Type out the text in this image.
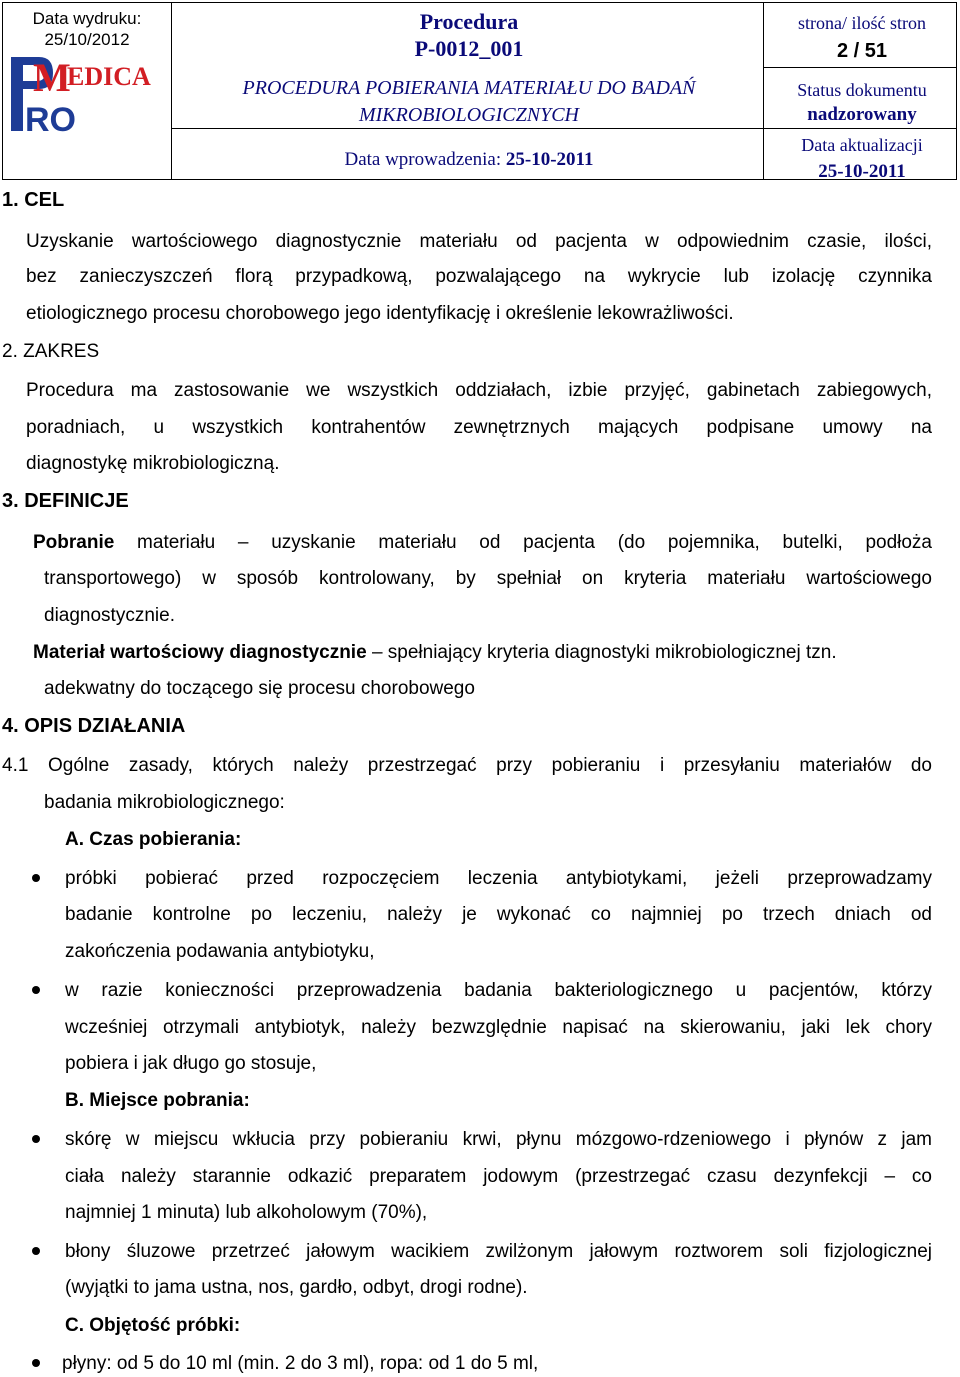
Data wydruku:
25/10/2012
M
EDICA
RO
Procedura
P-0012_001
PROCEDURA POBIERANIA MATERIAŁU DO BADAŃ
MIKROBIOLOGICZNYCH
Data wprowadzenia: 25-10-2011
strona/ ilość stron
2 / 51
Status dokumentu
nadzorowany
Data aktualizacji
25-10-2011
1. CEL
Uzyskanie wartościowego diagnostycznie materiału od pacjenta w odpowiednim czasie, ilości,
bez zanieczyszczeń florą przypadkową, pozwalającego na wykrycie lub izolację czynnika
etiologicznego procesu chorobowego jego identyfikację i określenie lekowrażliwości.
2. ZAKRES
Procedura ma zastosowanie we wszystkich oddziałach, izbie przyjęć, gabinetach zabiegowych,
poradniach, u wszystkich kontrahentów zewnętrznych mających podpisane umowy na
diagnostykę mikrobiologiczną.
3. DEFINICJE
Pobranie materiału – uzyskanie materiału od pacjenta (do pojemnika, butelki, podłoża
transportowego) w sposób kontrolowany, by spełniał on kryteria materiału wartościowego
diagnostycznie.
Materiał wartościowy diagnostycznie – spełniający kryteria diagnostyki mikrobiologicznej tzn.
adekwatny do toczącego się procesu chorobowego
4. OPIS DZIAŁANIA
4.1 Ogólne zasady, których należy przestrzegać przy pobieraniu i przesyłaniu materiałów do
badania mikrobiologicznego:
A. Czas pobierania:
próbki pobierać przed rozpoczęciem leczenia antybiotykami, jeżeli przeprowadzamy
badanie kontrolne po leczeniu, należy je wykonać co najmniej po trzech dniach od
zakończenia podawania antybiotyku,
w razie konieczności przeprowadzenia badania bakteriologicznego u pacjentów, którzy
wcześniej otrzymali antybiotyk, należy bezwzględnie napisać na skierowaniu, jaki lek chory
pobiera i jak długo go stosuje,
B. Miejsce pobrania:
skórę w miejscu wkłucia przy pobieraniu krwi, płynu mózgowo-rdzeniowego i płynów z jam
ciała należy starannie odkazić preparatem jodowym (przestrzegać czasu dezynfekcji – co
najmniej 1 minuta) lub alkoholowym (70%),
błony śluzowe przetrzeć jałowym wacikiem zwilżonym jałowym roztworem soli fizjologicznej
(wyjątki to jama ustna, nos, gardło, odbyt, drogi rodne).
C. Objętość próbki:
płyny: od 5 do 10 ml (min. 2 do 3 ml), ropa: od 1 do 5 ml,
